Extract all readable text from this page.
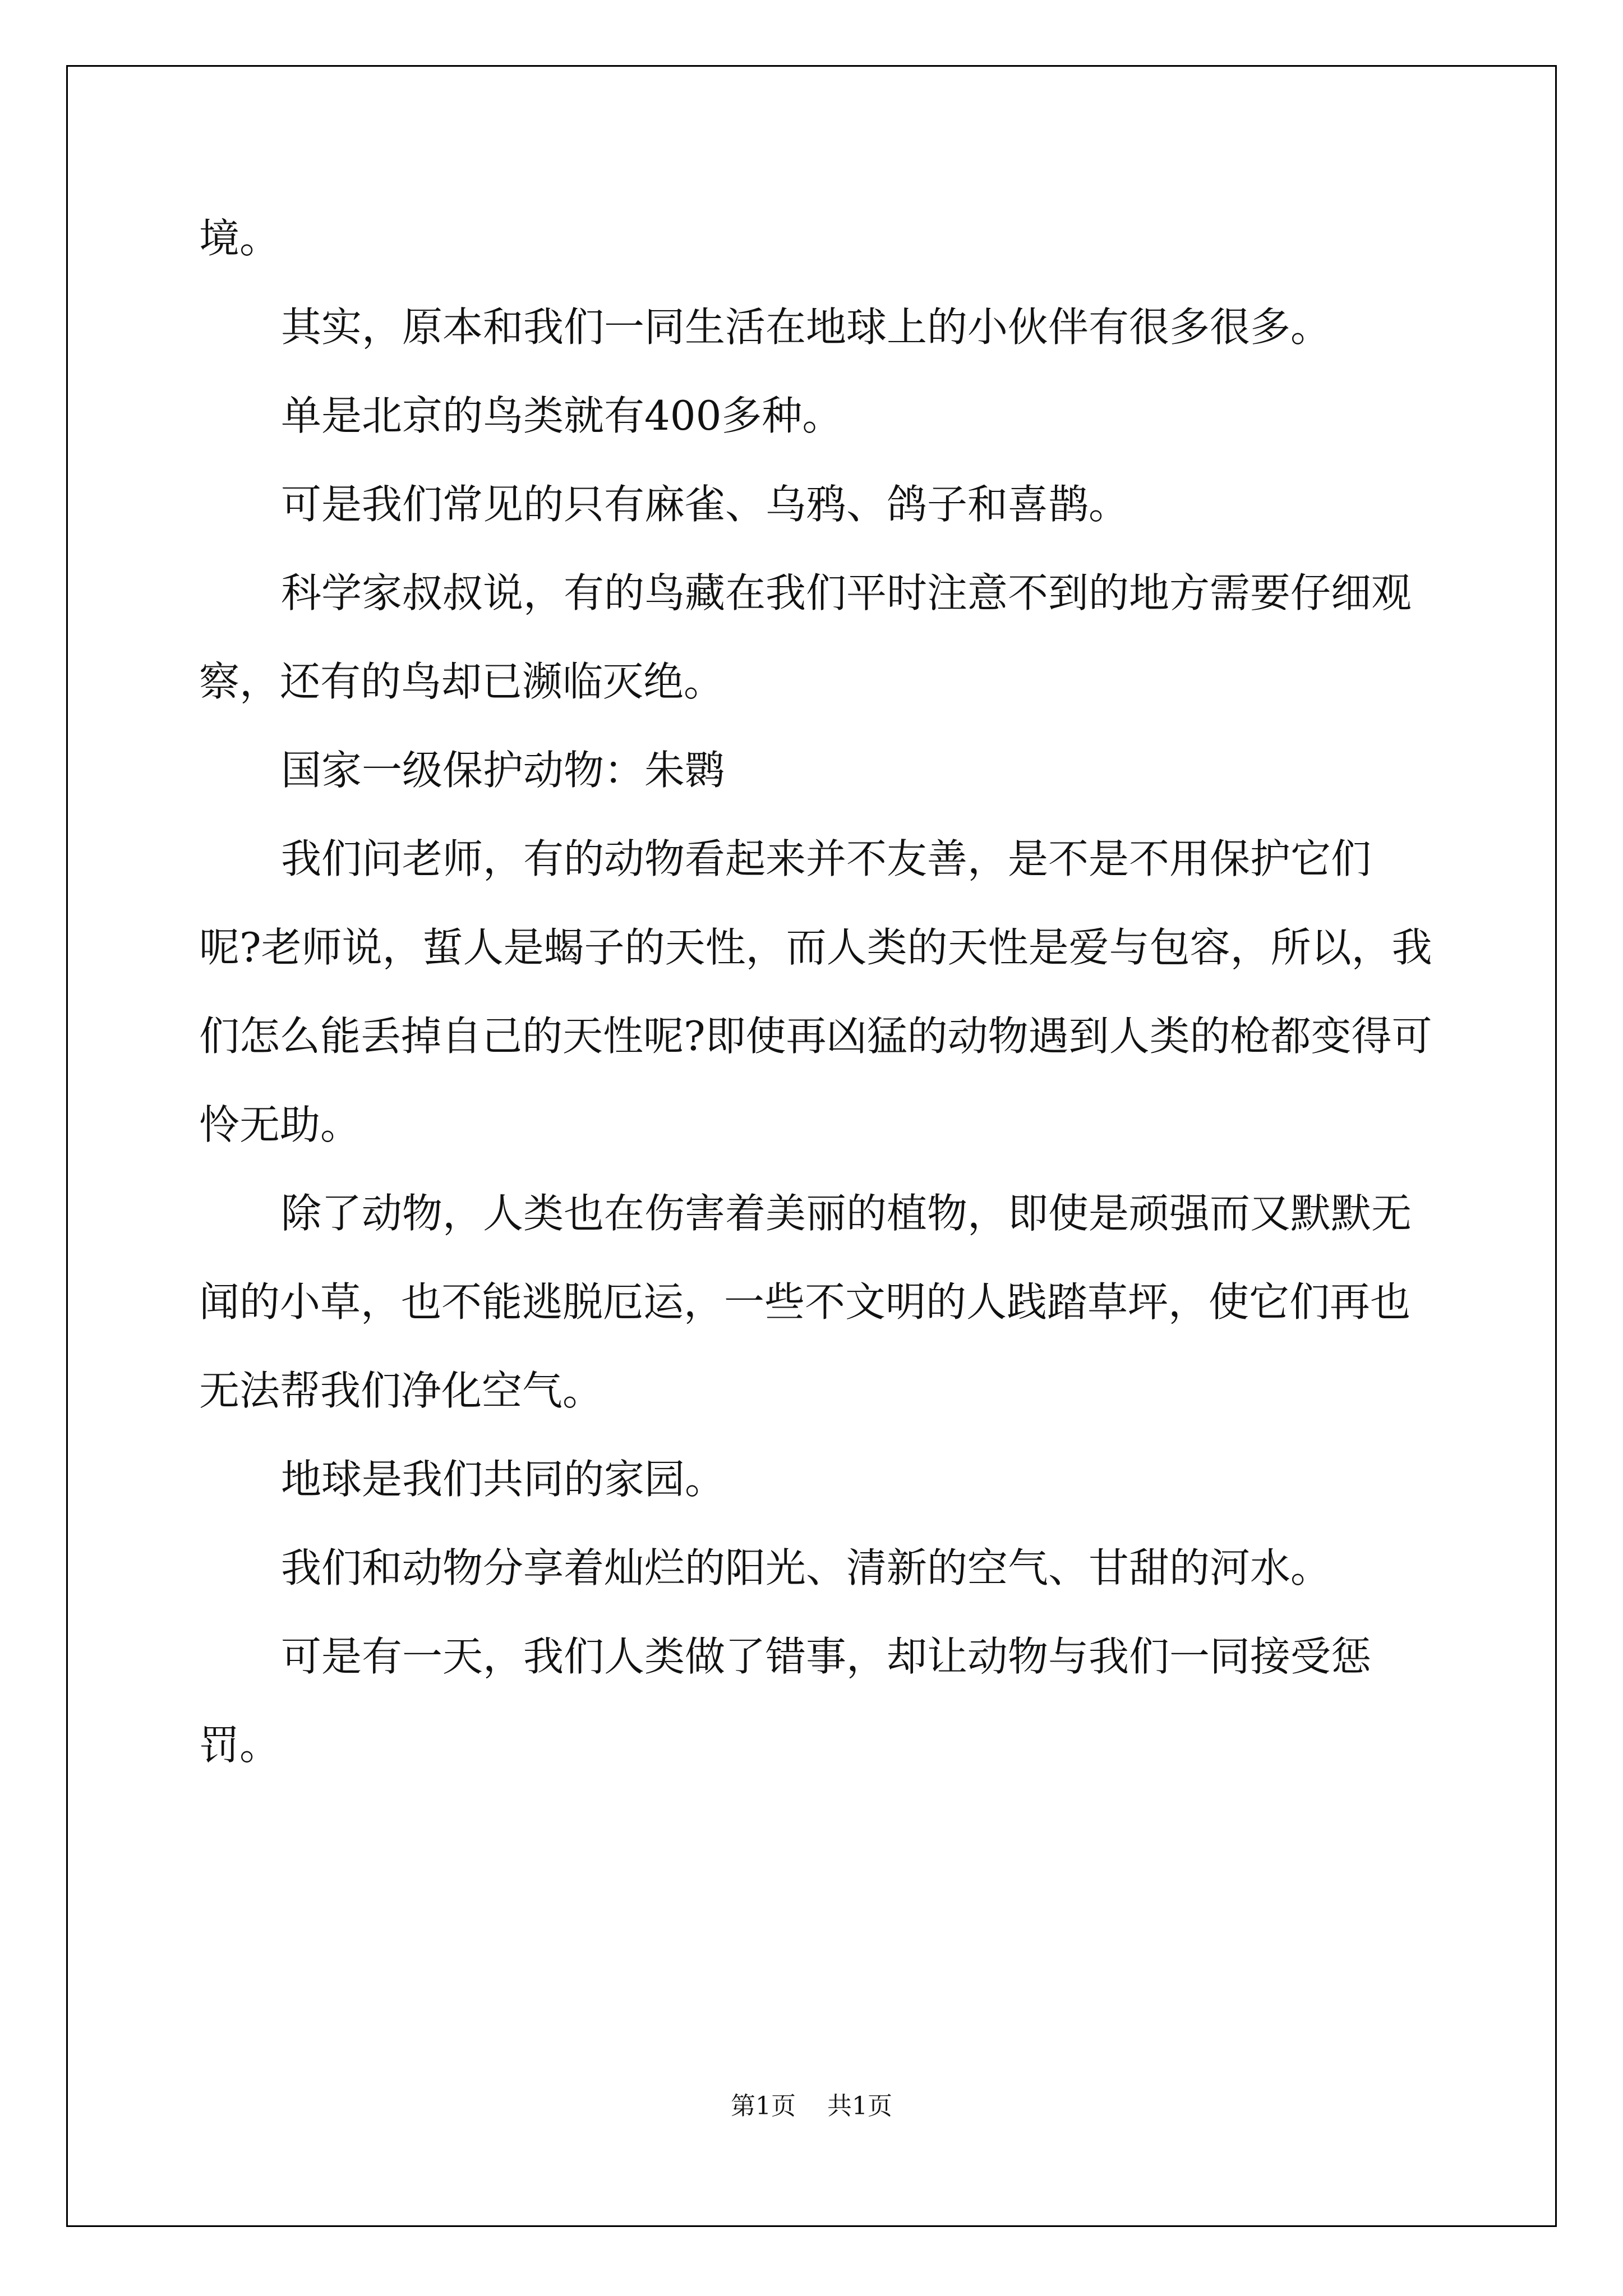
境。

其实，原本和我们一同生活在地球上的小伙伴有很多很多。

单是北京的鸟类就有400多种。

可是我们常见的只有麻雀、乌鸦、鸽子和喜鹊。

科学家叔叔说，有的鸟藏在我们平时注意不到的地方需要仔细观察，还有的鸟却已濒临灭绝。

国家一级保护动物：朱鹮

我们问老师，有的动物看起来并不友善，是不是不用保护它们呢?老师说，蜇人是蝎子的天性，而人类的天性是爱与包容，所以，我们怎么能丢掉自己的天性呢?即使再凶猛的动物遇到人类的枪都变得可怜无助。

除了动物，人类也在伤害着美丽的植物，即使是顽强而又默默无闻的小草，也不能逃脱厄运，一些不文明的人践踏草坪，使它们再也无法帮我们净化空气。

地球是我们共同的家园。

我们和动物分享着灿烂的阳光、清新的空气、甘甜的河水。

可是有一天，我们人类做了错事，却让动物与我们一同接受惩罚。

第1页 共1页
